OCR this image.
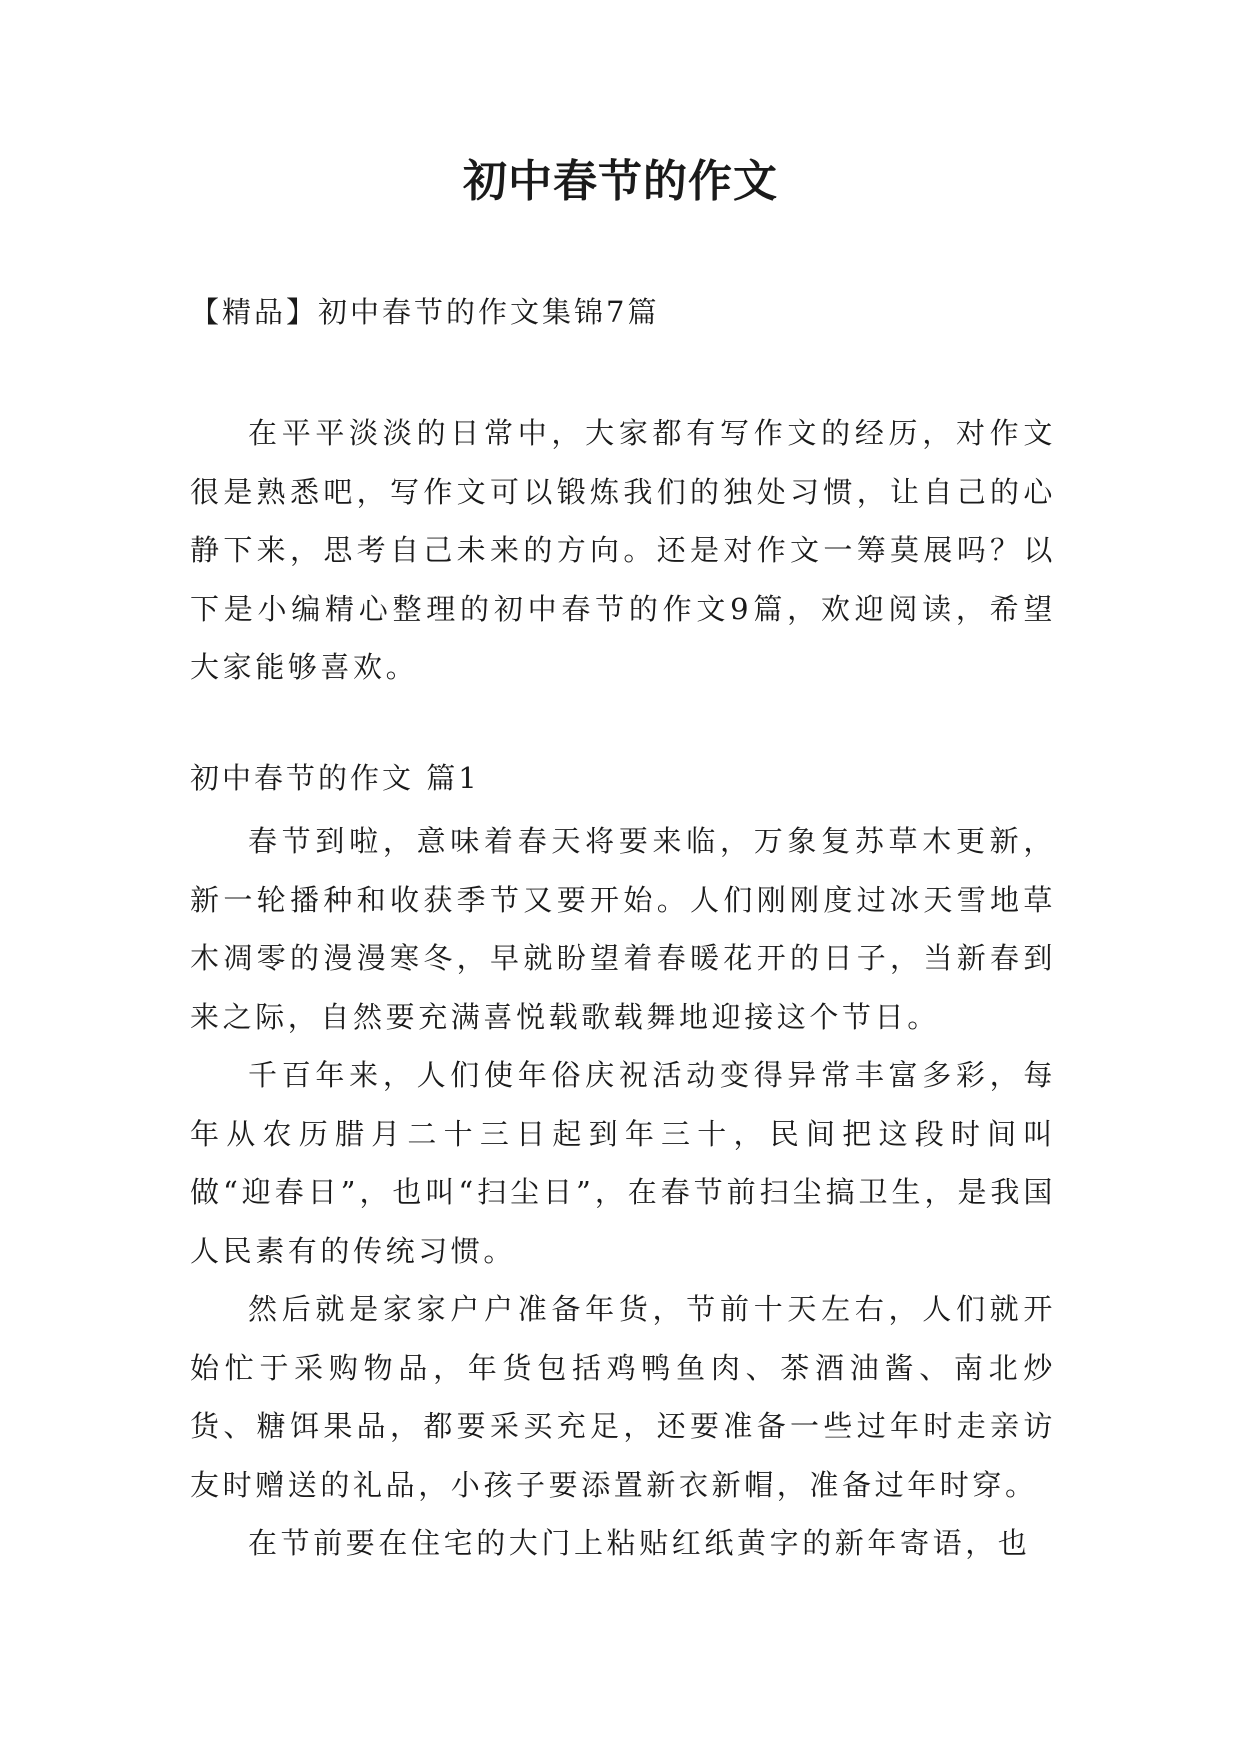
初中春节的作文
【精品】初中春节的作文集锦7篇

在平平淡淡的日常中，大家都有写作文的经历，对作文很是熟悉吧，写作文可以锻炼我们的独处习惯，让自己的心静下来，思考自己未来的方向。还是对作文一筹莫展吗？以下是小编精心整理的初中春节的作文9篇，欢迎阅读，希望大家能够喜欢。

初中春节的作文 篇1

春节到啦，意味着春天将要来临，万象复苏草木更新，新一轮播种和收获季节又要开始。人们刚刚度过冰天雪地草木凋零的漫漫寒冬，早就盼望着春暖花开的日子，当新春到来之际，自然要充满喜悦载歌载舞地迎接这个节日。

千百年来，人们使年俗庆祝活动变得异常丰富多彩，每年从农历腊月二十三日起到年三十，民间把这段时间叫做“迎春日”，也叫“扫尘日”，在春节前扫尘搞卫生，是我国人民素有的传统习惯。

然后就是家家户户准备年货，节前十天左右，人们就开始忙于采购物品，年货包括鸡鸭鱼肉、茶酒油酱、南北炒货、糖饵果品，都要采买充足，还要准备一些过年时走亲访友时赠送的礼品，小孩子要添置新衣新帽，准备过年时穿。

在节前要在住宅的大门上粘贴红纸黄字的新年寄语，也
